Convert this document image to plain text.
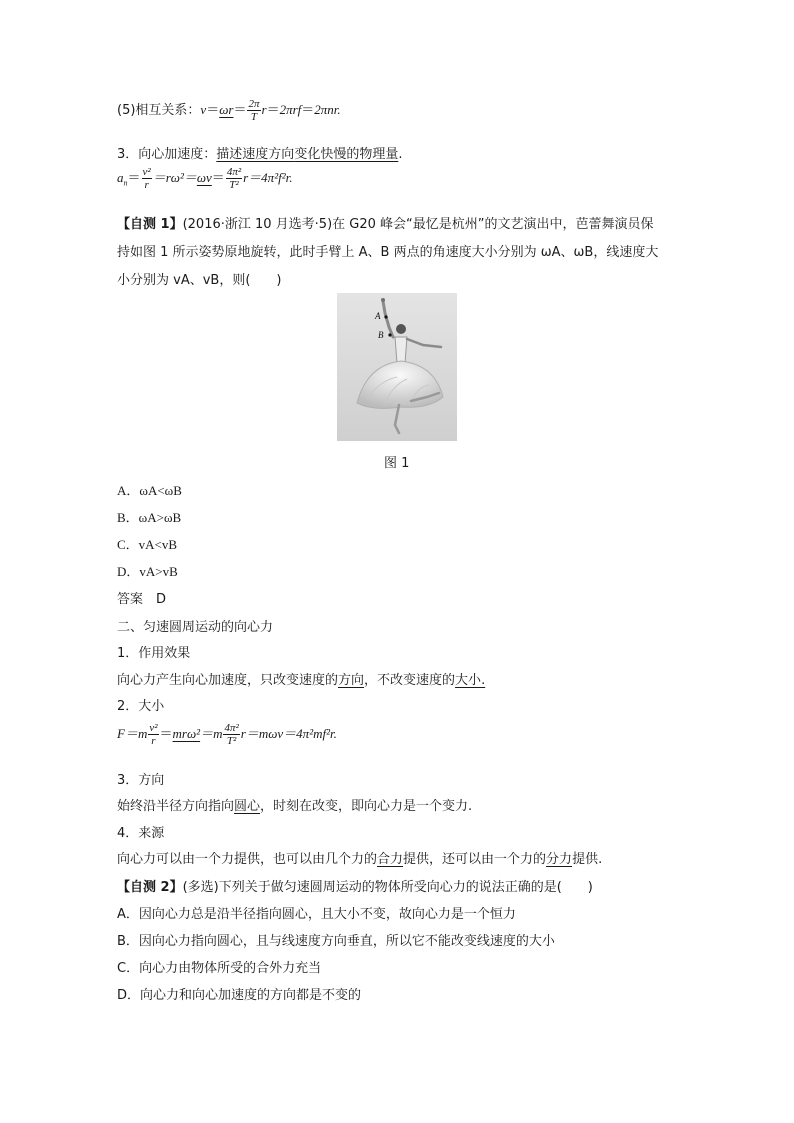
(5)相互关系：$v=\omega r= \frac{2\pi}{T} r=2\pi rf=2\pi nr$.
3．向心加速度：描述速度方向变化快慢的物理量.
$a_n= \frac{\text{v²}}{r} =r\omega^2=\omega v= \frac{\text{4π²}}{\text{T²}} r=4\pi^2f^2r$.
【自测 1】(2016·浙江 10 月选考·5)在 G20 峰会“最忆是杭州”的文艺演出中，芭蕾舞演员保
持如图 1 所示姿势原地旋转，此时手臂上 A、B 两点的角速度大小分别为 ωA、ωB，线速度大
小分别为 vA、vB，则(　　)
A
B
图 1
A．ωA<ωB
B．ωA>ωB
C．vA<vB
D．vA>vB
答案　D
二、匀速圆周运动的向心力
1．作用效果
向心力产生向心加速度，只改变速度的方向，不改变速度的大小.
2．大小
$F=m \frac{\text{v²}}{r} =mr\omega^2=m \frac{\text{4π²}}{\text{T²}} r=m\omega v=4\pi^2mf^2r$.
3．方向
始终沿半径方向指向圆心，时刻在改变，即向心力是一个变力.
4．来源
向心力可以由一个力提供，也可以由几个力的合力提供，还可以由一个力的分力提供.
【自测 2】(多选)下列关于做匀速圆周运动的物体所受向心力的说法正确的是(　　)
A．因向心力总是沿半径指向圆心，且大小不变，故向心力是一个恒力
B．因向心力指向圆心，且与线速度方向垂直，所以它不能改变线速度的大小
C．向心力由物体所受的合外力充当
D．向心力和向心加速度的方向都是不变的
